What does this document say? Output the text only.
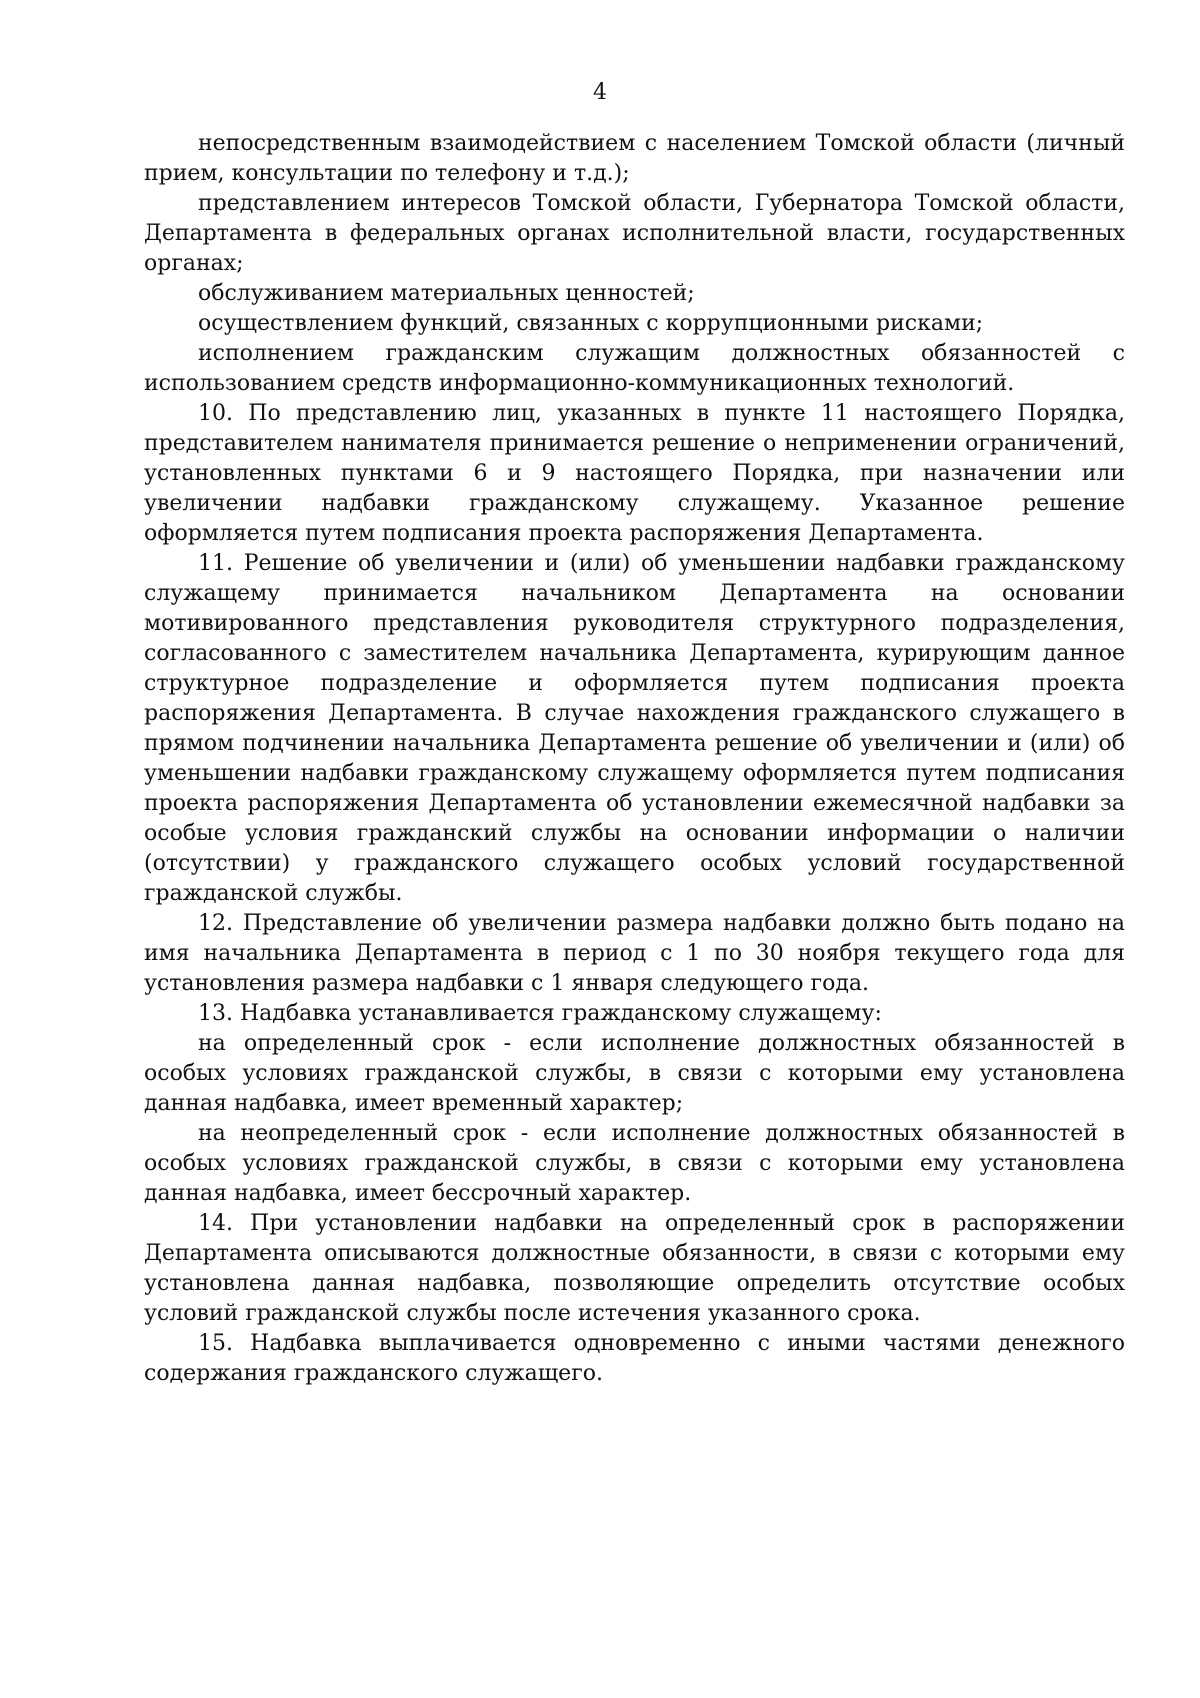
4

непосредственным взаимодействием с населением Томской области (личный прием, консультации по телефону и т.д.);

представлением интересов Томской области, Губернатора Томской области, Департамента в федеральных органах исполнительной власти, государственных органах;

обслуживанием материальных ценностей;

осуществлением функций, связанных с коррупционными рисками;

исполнением гражданским служащим должностных обязанностей с использованием средств информационно-коммуникационных технологий.

10. По представлению лиц, указанных в пункте 11 настоящего Порядка, представителем нанимателя принимается решение о неприменении ограничений, установленных пунктами 6 и 9 настоящего Порядка, при назначении или увеличении надбавки гражданскому служащему. Указанное решение оформляется путем подписания проекта распоряжения Департамента.

11. Решение об увеличении и (или) об уменьшении надбавки гражданскому служащему принимается начальником Департамента на основании мотивированного представления руководителя структурного подразделения, согласованного с заместителем начальника Департамента, курирующим данное структурное подразделение и оформляется путем подписания проекта распоряжения Департамента. В случае нахождения гражданского служащего в прямом подчинении начальника Департамента решение об увеличении и (или) об уменьшении надбавки гражданскому служащему оформляется путем подписания проекта распоряжения Департамента об установлении ежемесячной надбавки за особые условия гражданский службы на основании информации о наличии (отсутствии) у гражданского служащего особых условий государственной гражданской службы.

12. Представление об увеличении размера надбавки должно быть подано на имя начальника Департамента в период с 1 по 30 ноября текущего года для установления размера надбавки с 1 января следующего года.

13. Надбавка устанавливается гражданскому служащему:

на определенный срок - если исполнение должностных обязанностей в особых условиях гражданской службы, в связи с которыми ему установлена данная надбавка, имеет временный характер;

на неопределенный срок - если исполнение должностных обязанностей в особых условиях гражданской службы, в связи с которыми ему установлена данная надбавка, имеет бессрочный характер.

14. При установлении надбавки на определенный срок в распоряжении Департамента описываются должностные обязанности, в связи с которыми ему установлена данная надбавка, позволяющие определить отсутствие особых условий гражданской службы после истечения указанного срока.

15. Надбавка выплачивается одновременно с иными частями денежного содержания гражданского служащего.
